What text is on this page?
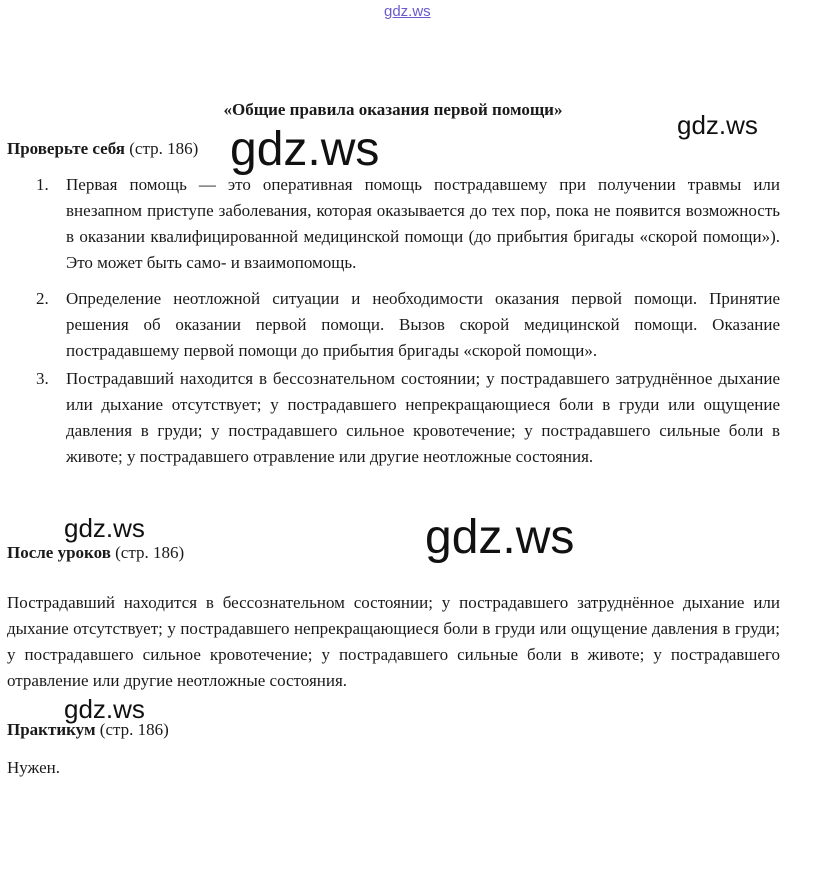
gdz.ws
«Общие правила оказания первой помощи»
Проверьте себя (стр. 186)
1.	Первая помощь — это оперативная помощь пострадавшему при получении травмы или внезапном приступе заболевания, которая оказывается до тех пор, пока не появится возможность в оказании квалифицированной медицинской помощи (до прибытия бригады «скорой помощи»). Это может быть само- и взаимопомощь.
2.	Определение неотложной ситуации и необходимости оказания первой помощи. Принятие решения об оказании первой помощи. Вызов скорой медицинской помощи. Оказание пострадавшему первой помощи до прибытия бригады «скорой помощи».
3.	Пострадавший находится в бессознательном состоянии; у пострадавшего затруднённое дыхание или дыхание отсутствует; у пострадавшего непрекращающиеся боли в груди или ощущение давления в груди; у пострадавшего сильное кровотечение; у пострадавшего сильные боли в животе; у пострадавшего отравление или другие неотложные состояния.
После уроков (стр. 186)
Пострадавший находится в бессознательном состоянии; у пострадавшего затруднённое дыхание или дыхание отсутствует; у пострадавшего непрекращающиеся боли в груди или ощущение давления в груди; у пострадавшего сильное кровотечение; у пострадавшего сильные боли в животе; у пострадавшего отравление или другие неотложные состояния.
Практикум (стр. 186)
Нужен.
gdz.ws	gdz.ws
gdz.ws	gdz.ws
gdz.ws
